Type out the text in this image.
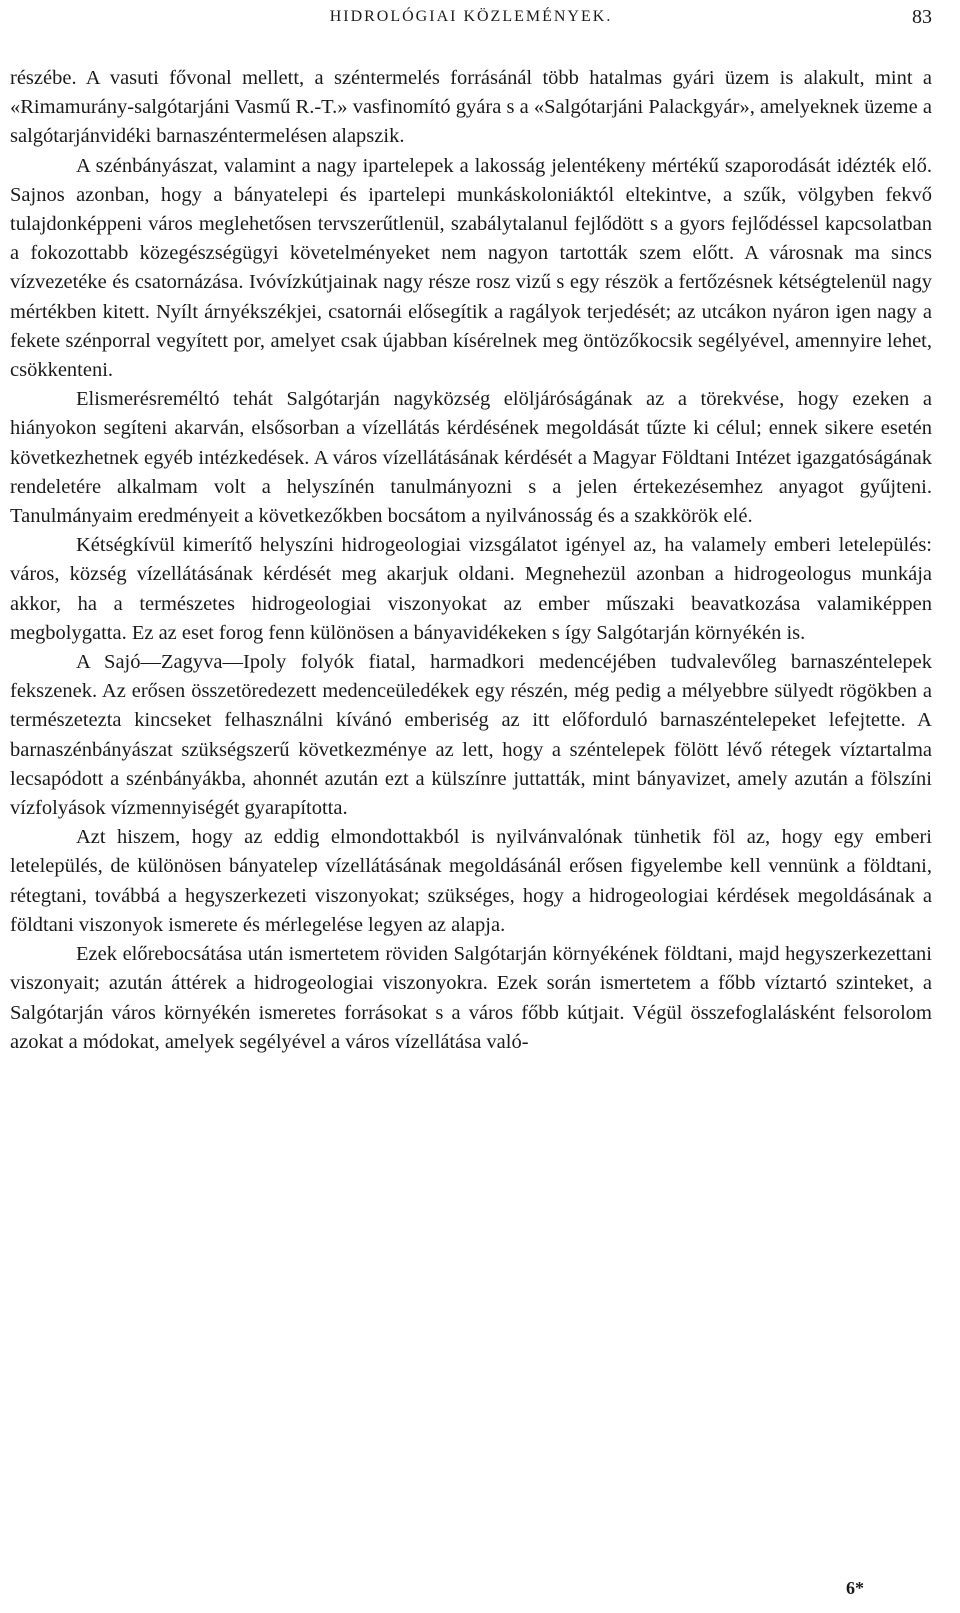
HIDROLÓGIAI KÖZLEMÉNYEK.	83

részébe. A vasuti fővonal mellett, a széntermelés forrásánál több hatalmas gyári üzem is alakult, mint a «Rimamurány-salgótarjáni Vasmű R.-T.» vasfinomító gyára s a «Salgótarjáni Palackgyár», amelyeknek üzeme a salgótarjánvidéki barnaszéntermelésen alapszik.

A szénbányászat, valamint a nagy ipartelepek a lakosság jelentékeny mértékű szaporodását idézték elő. Sajnos azonban, hogy a bányatelepi és ipartelepi munkáskoloniáktól eltekintve, a szűk, völgyben fekvő tulajdonképpeni város meglehetősen tervszerűtlenül, szabálytalanul fejlődött s a gyors fejlődéssel kapcsolatban a fokozottabb közegészségügyi követelményeket nem nagyon tartották szem előtt. A városnak ma sincs vízvezetéke és csatornázása. Ivóvízkútjainak nagy része rosz vizű s egy részök a fertőzésnek kétségtelenül nagy mértékben kitett. Nyílt árnyékszékjei, csatornái elősegítik a ragályok terjedését; az utcákon nyáron igen nagy a fekete szénporral vegyített por, amelyet csak újabban kísérelnek meg öntözőkocsik segélyével, amennyire lehet, csökkenteni.

Elismerésreméltó tehát Salgótarján nagyközség elöljáróságának az a törekvése, hogy ezeken a hiányokon segíteni akarván, elsősorban a vízellátás kérdésének megoldását tűzte ki célul; ennek sikere esetén következhetnek egyéb intézkedések. A város vízellátásának kérdését a Magyar Földtani Intézet igazgatóságának rendeletére alkalmam volt a helyszínén tanulmányozni s a jelen értekezésemhez anyagot gyűjteni. Tanulmányaim eredményeit a következőkben bocsátom a nyilvánosság és a szakkörök elé.

Kétségkívül kimerítő helyszíni hidrogeologiai vizsgálatot igényel az, ha valamely emberi letelepülés: város, község vízellátásának kérdését meg akarjuk oldani. Megnehezül azonban a hidrogeologus munkája akkor, ha a természetes hidrogeologiai viszonyokat az ember műszaki beavatkozása valamiképpen megbolygatta. Ez az eset forog fenn különösen a bányavidékeken s így Salgótarján környékén is.

A Sajó—Zagyva—Ipoly folyók fiatal, harmadkori medencéjében tudvalevőleg barnaszéntelepek fekszenek. Az erősen összetöredezett medenceüledékek egy részén, még pedig a mélyebbre sülyedt rögökben a természetezta kincseket felhasználni kívánó emberiség az itt előforduló barnaszéntelepeket lefejtette. A barnaszénbányászat szükségszerű következménye az lett, hogy a széntelepek fölött lévő rétegek víztartalma lecsapódott a szénbányákba, ahonnét azután ezt a külszínre juttatták, mint bányavizet, amely azután a fölszíni vízfolyások vízmennyiségét gyarapította.

Azt hiszem, hogy az eddig elmondottakból is nyilvánvalónak tünhetik föl az, hogy egy emberi letelepülés, de különösen bányatelep vízellátásának megoldásánál erősen figyelembe kell vennünk a földtani, rétegtani, továbbá a hegyszerkezeti viszonyokat; szükséges, hogy a hidrogeologiai kérdések megoldásának a földtani viszonyok ismerete és mérlegelése legyen az alapja.

Ezek előrebocsátása után ismertetem röviden Salgótarján környékének földtani, majd hegyszerkezettani viszonyait; azután áttérek a hidrogeologiai viszonyokra. Ezek során ismertetem a főbb víztartó szinteket, a Salgótarján város környékén ismeretes forrásokat s a város főbb kútjait. Végül összefoglalásként felsorolom azokat a módokat, amelyek segélyével a város vízellátása való-

6*
